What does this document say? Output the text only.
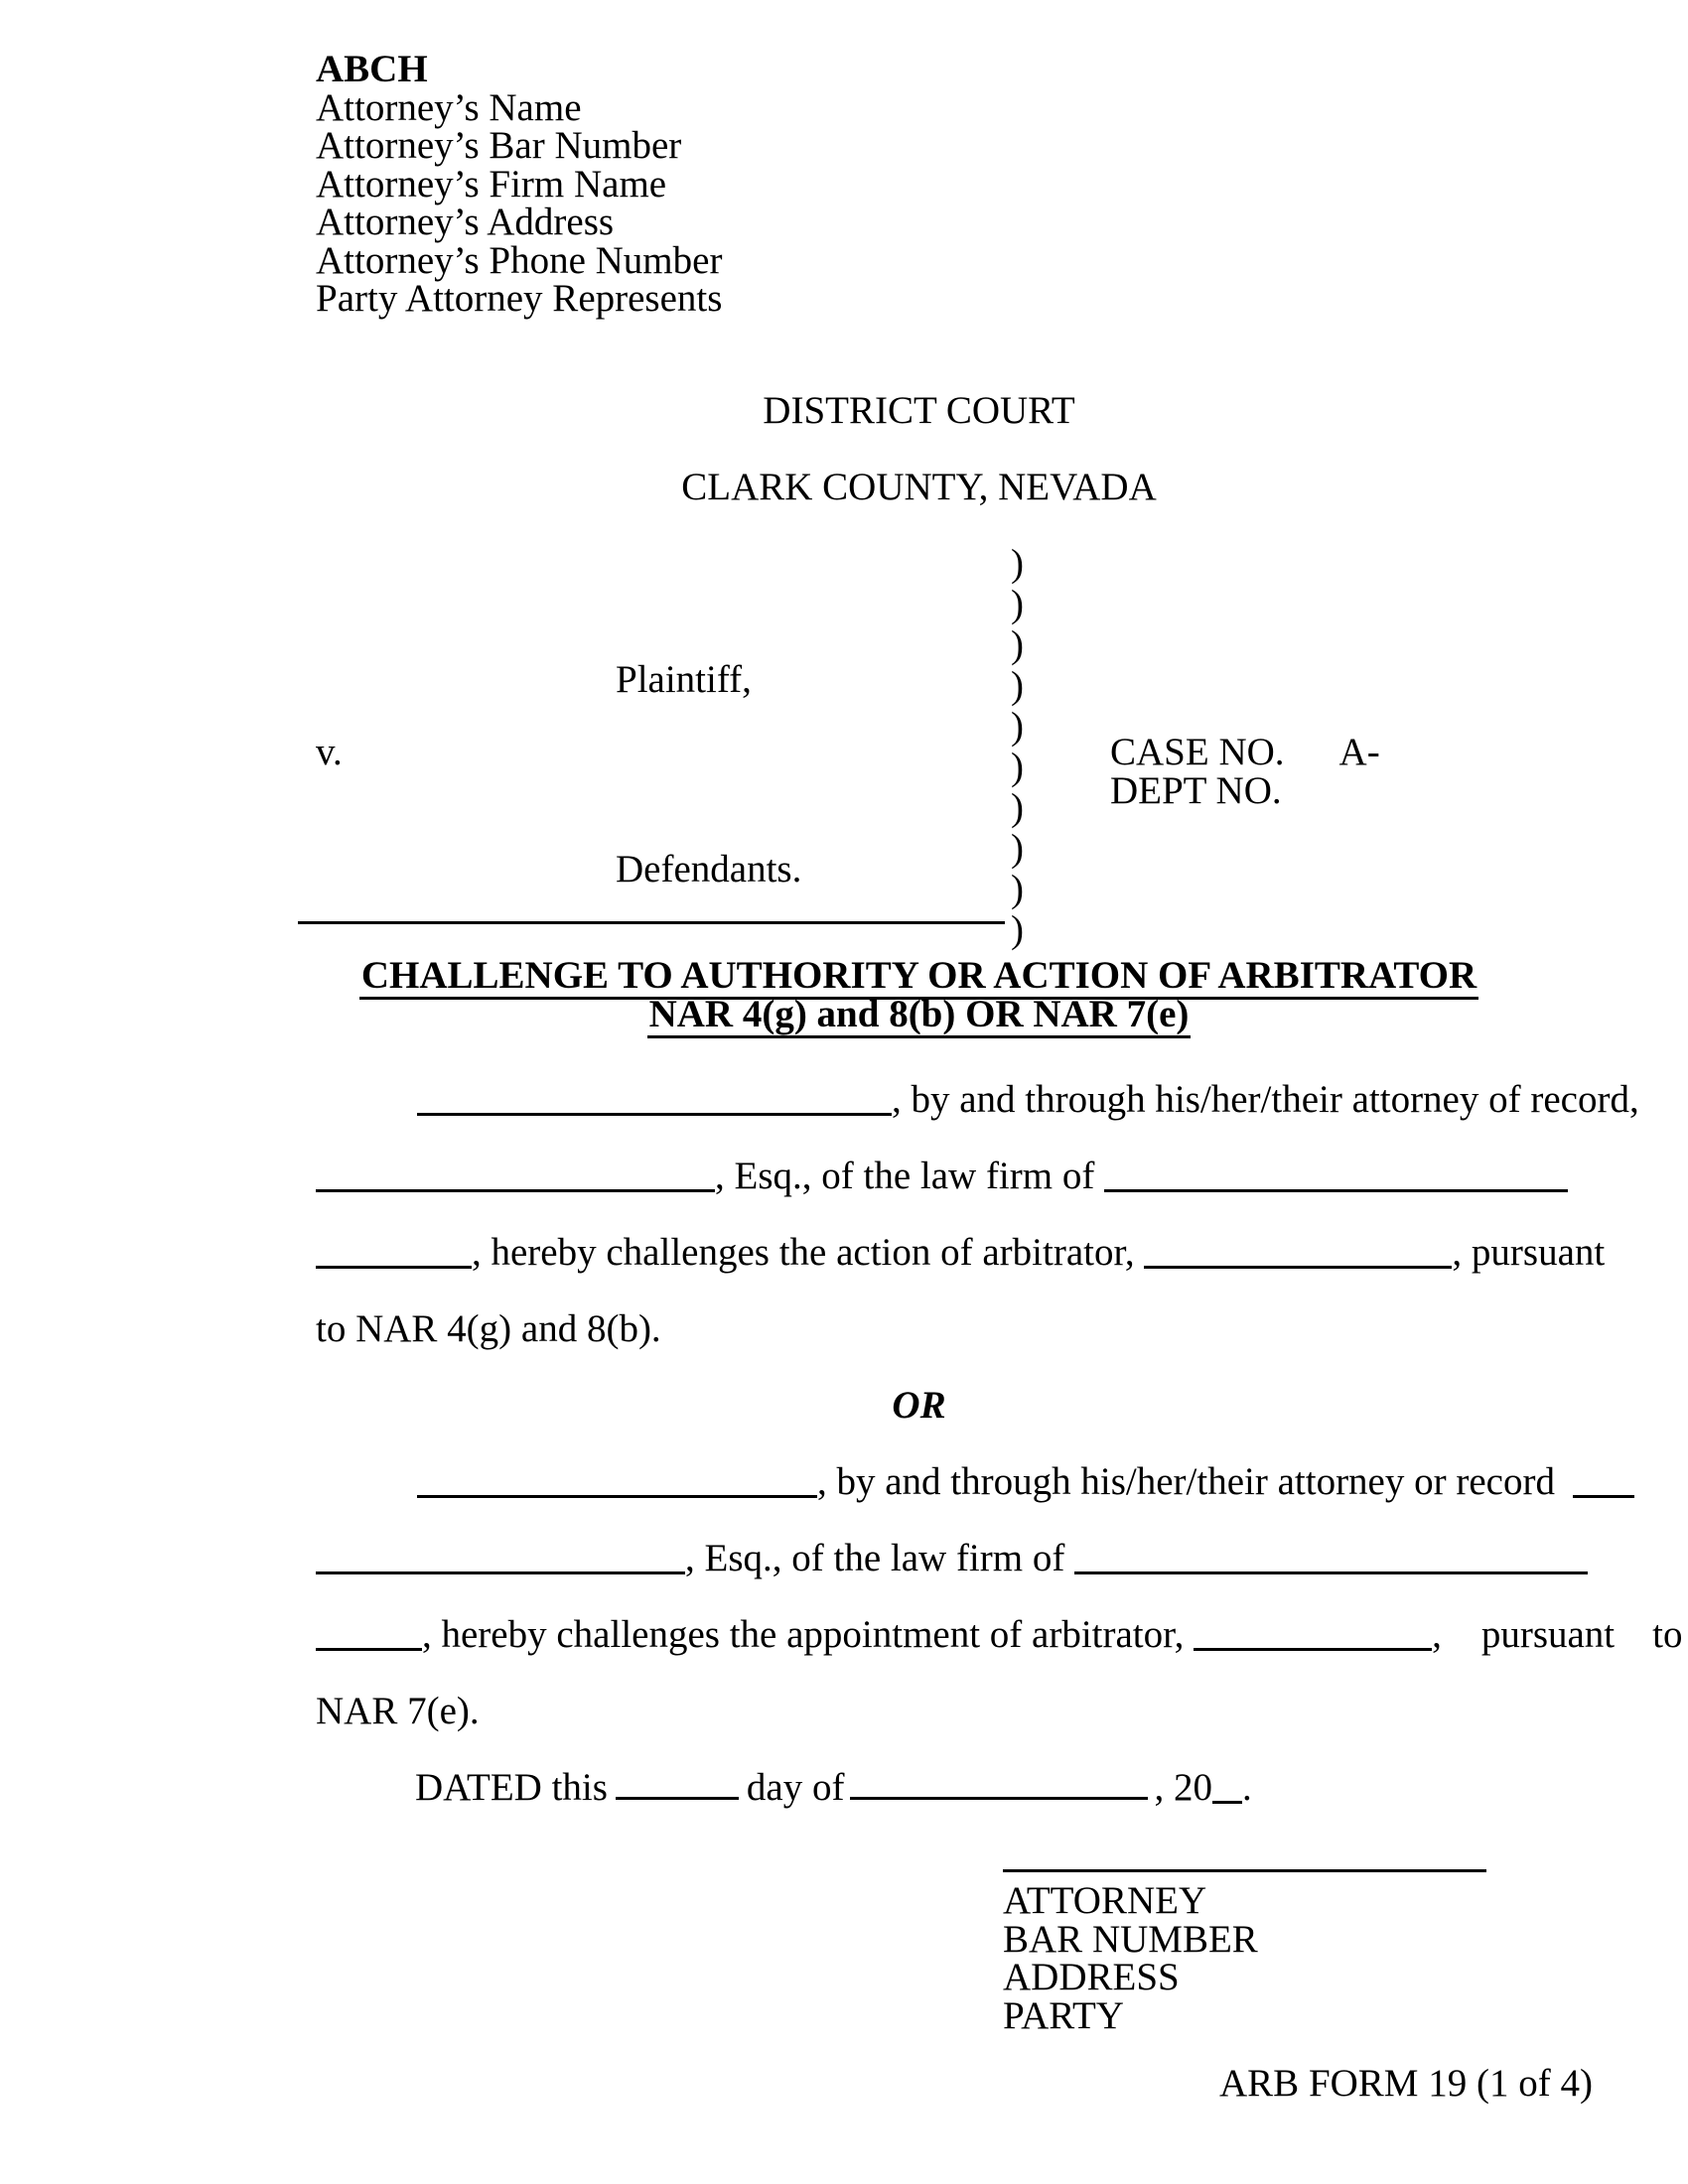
ABCH
Attorney’s Name
Attorney’s Bar Number
Attorney’s Firm Name
Attorney’s Address
Attorney’s Phone Number
Party Attorney Represents
DISTRICT COURT
CLARK COUNTY, NEVADA
)
)
)
)
)
)
)
)
)
)
Plaintiff,
v.	CASE NO. A-
DEPT NO.
Defendants.
CHALLENGE TO AUTHORITY OR ACTION OF ARBITRATOR
NAR 4(g) and 8(b) OR NAR 7(e)
, by and through his/her/their attorney of record,
, Esq., of the law firm of
, hereby challenges the action of arbitrator,	, pursuant
to NAR 4(g) and 8(b).
OR
, by and through his/her/their attorney or record
, Esq., of the law firm of
, hereby challenges the appointment of arbitrator,	, pursuant to
NAR 7(e).
DATED this	day of	, 20 .
ATTORNEY
BAR NUMBER
ADDRESS
PARTY
ARB FORM 19 (1 of 4)
